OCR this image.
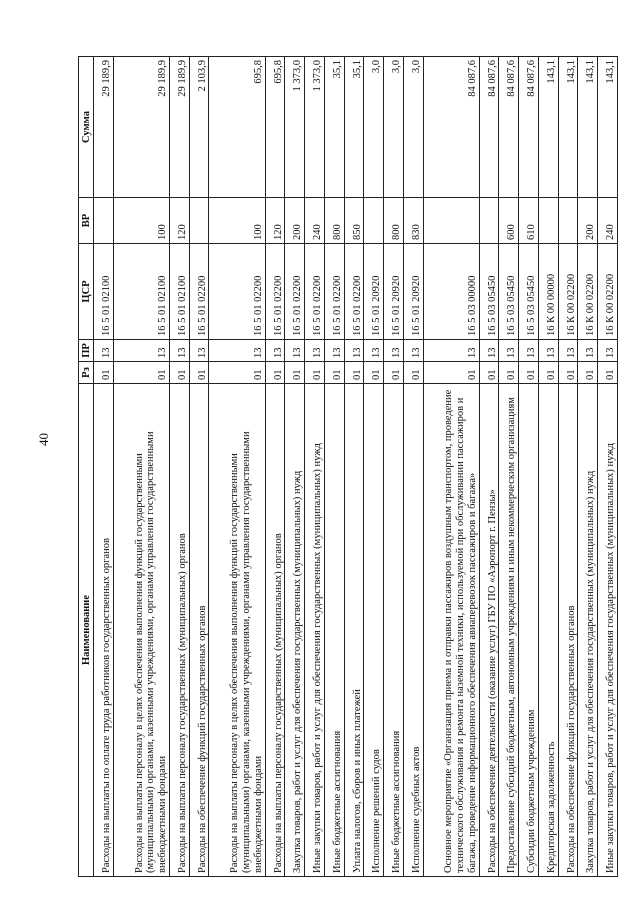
40
Наименование	Рз	ПР	ЦСР	ВР	Сумма
Расходы на выплаты по оплате труда работников государственных органов	01	13	16 5 01 02100		29 189,9
Расходы на выплаты персоналу в целях обеспечения выполнения функций государственными (муниципальными) органами, казенными учреждениями, органами управления государственными внебюджетными фондами	01	13	16 5 01 02100	100	29 189,9
Расходы на выплаты персоналу государственных (муниципальных) органов	01	13	16 5 01 02100	120	29 189,9
Расходы на обеспечение функций государственных органов	01	13	16 5 01 02200		2 103,9
Расходы на выплаты персоналу в целях обеспечения выполнения функций государственными (муниципальными) органами, казенными учреждениями, органами управления государственными внебюджетными фондами	01	13	16 5 01 02200	100	695,8
Расходы на выплаты персоналу государственных (муниципальных) органов	01	13	16 5 01 02200	120	695,8
Закупка товаров, работ и услуг для обеспечения государственных (муниципальных) нужд	01	13	16 5 01 02200	200	1 373,0
Иные закупки товаров, работ и услуг для обеспечения государственных (муниципальных) нужд	01	13	16 5 01 02200	240	1 373,0
Иные бюджетные ассигнования	01	13	16 5 01 02200	800	35,1
Уплата налогов, сборов и иных платежей	01	13	16 5 01 02200	850	35,1
Исполнение решений судов	01	13	16 5 01 20920		3,0
Иные бюджетные ассигнования	01	13	16 5 01 20920	800	3,0
Исполнение судебных актов	01	13	16 5 01 20920	830	3,0
Основное мероприятие «Организация приема и отправки пассажиров воздушным транспортом, проведение технического обслуживания и ремонта наземной техники, используемой при обслуживании пассажиров и багажа, проведение информационного обеспечения авиаперевозок пассажиров и багажа»	01	13	16 5 03 00000		84 087,6
Расходы на обеспечение деятельности (оказание услуг) ГБУ ПО «Аэропорт г. Пензы»	01	13	16 5 03 05450		84 087,6
Предоставление субсидий бюджетным, автономным учреждениям и иным некоммерческим организациям	01	13	16 5 03 05450	600	84 087,6
Субсидии бюджетным учреждениям	01	13	16 5 03 05450	610	84 087,6
Кредиторская задолженность	01	13	16 К 00 00000		143,1
Расходы на обеспечение функций государственных органов	01	13	16 К 00 02200		143,1
Закупка товаров, работ и услуг для обеспечения государственных (муниципальных) нужд	01	13	16 К 00 02200	200	143,1
Иные закупки товаров, работ и услуг для обеспечения государственных (муниципальных) нужд	01	13	16 К 00 02200	240	143,1
